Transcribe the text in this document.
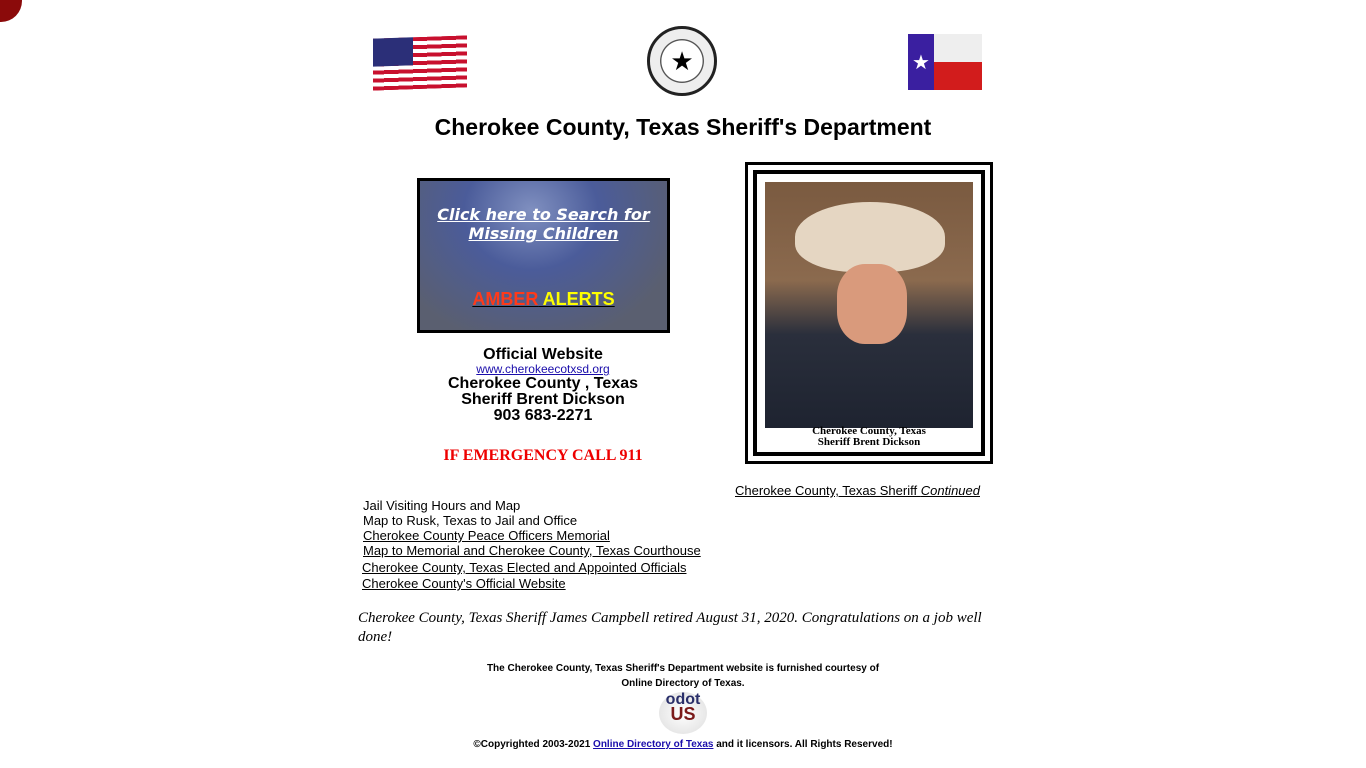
★	★
Cherokee County, Texas Sheriff's Department
Click here to Search for Missing Children
AMBER ALERTS
Official Website
www.cherokeecotxsd.org
Cherokee County , Texas
Sheriff Brent Dickson
903 683-2271
IF EMERGENCY CALL 911
Cherokee County, Texas
Sheriff Brent Dickson
Cherokee County, Texas Sheriff Continued
Jail Visiting Hours and Map
Map to Rusk, Texas to Jail and Office
Cherokee County Peace Officers Memorial
Map to Memorial and Cherokee County, Texas Courthouse
Cherokee County, Texas Elected and Appointed Officials
Cherokee County's Official Website
Cherokee County, Texas Sheriff James Campbell retired August 31, 2020. Congratulations on a job well done!
The Cherokee County, Texas Sheriff's Department website is furnished courtesy of
Online Directory of Texas.
odot
US
©Copyrighted 2003-2021 Online Directory of Texas and it licensors. All Rights Reserved!
